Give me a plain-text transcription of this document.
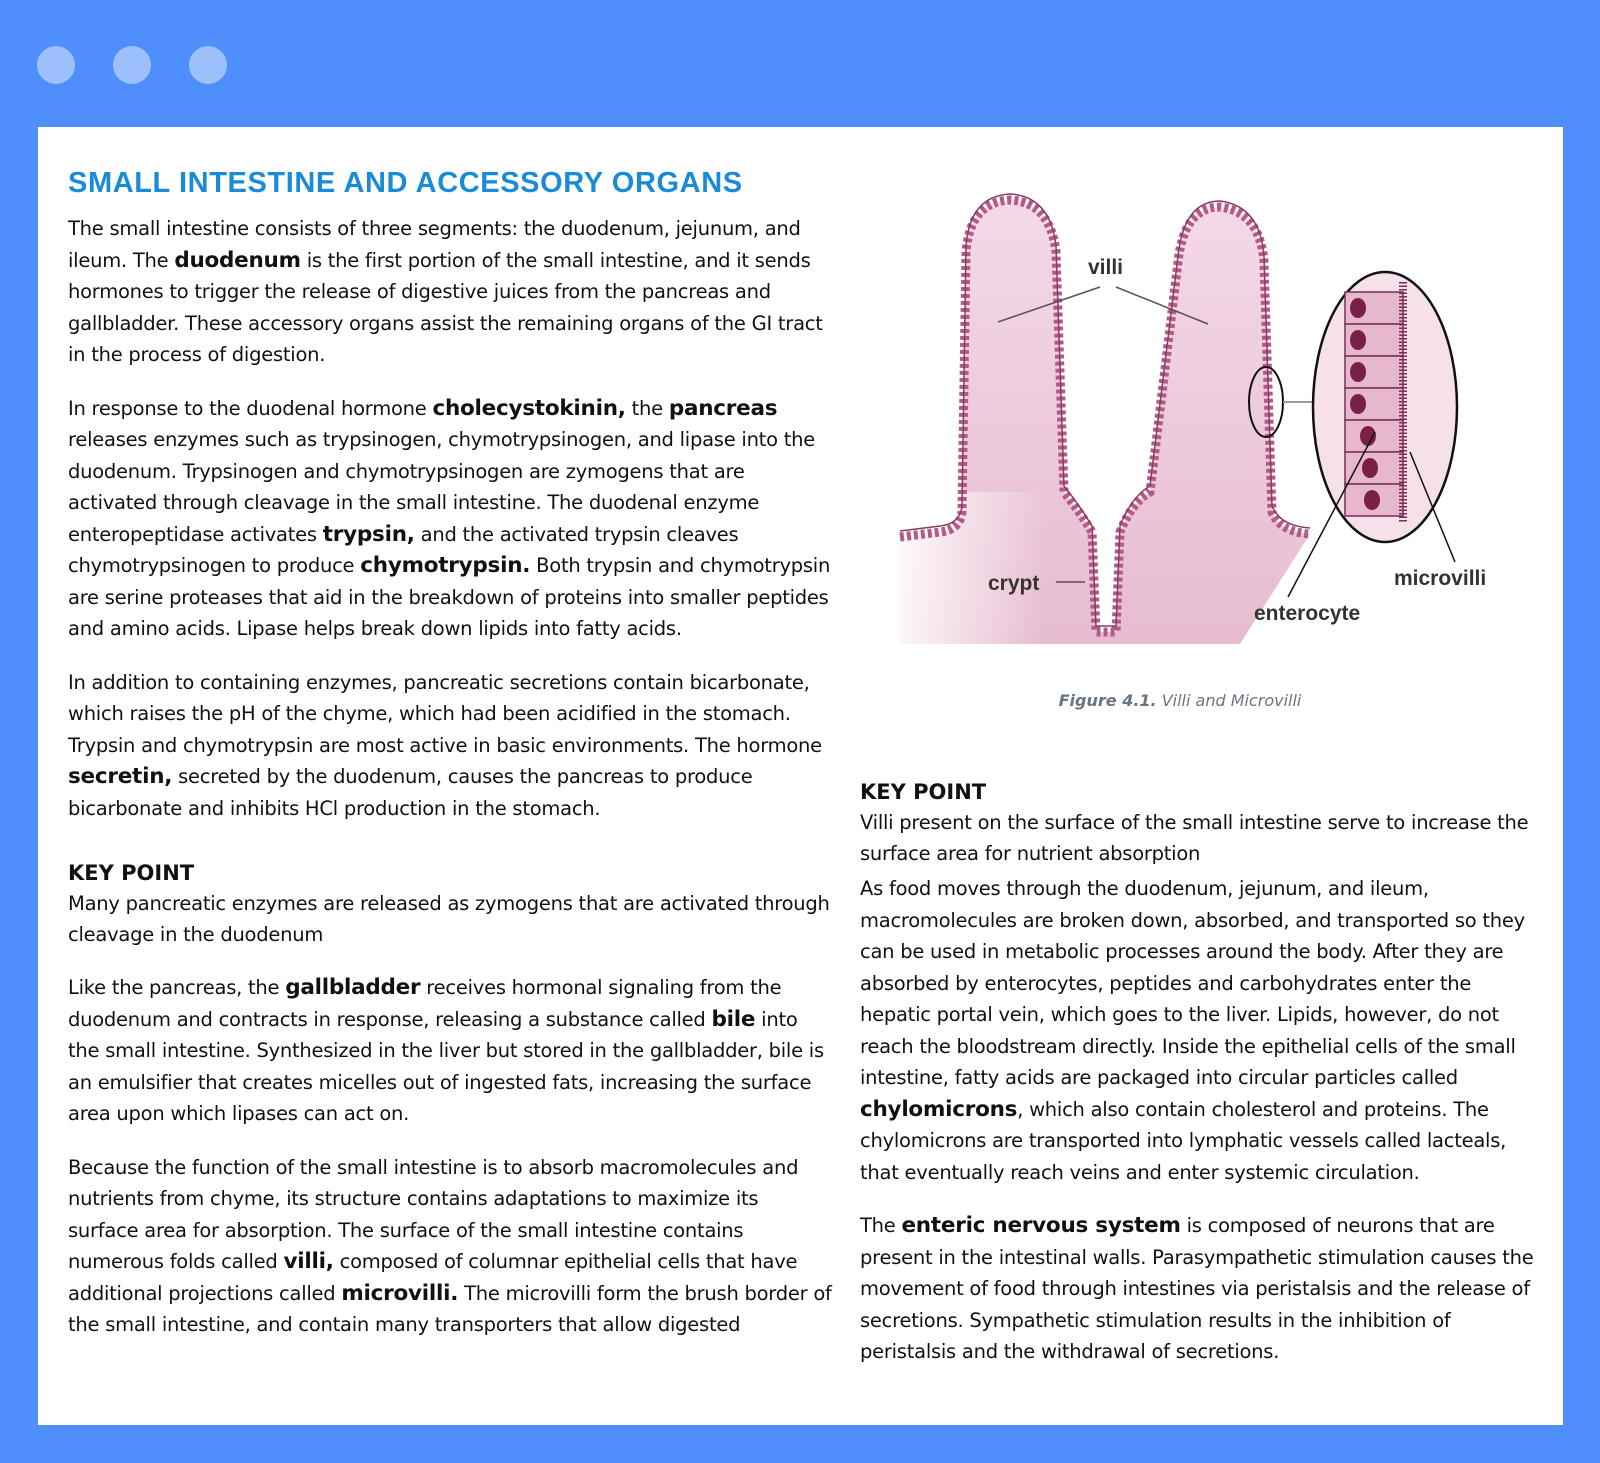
SMALL INTESTINE AND ACCESSORY ORGANS

The small intestine consists of three segments: the duodenum, jejunum, and ileum. The duodenum is the first portion of the small intestine, and it sends hormones to trigger the release of digestive juices from the pancreas and gallbladder. These accessory organs assist the remaining organs of the GI tract in the process of digestion.

In response to the duodenal hormone cholecystokinin, the pancreas releases enzymes such as trypsinogen, chymotrypsinogen, and lipase into the duodenum. Trypsinogen and chymotrypsinogen are zymogens that are activated through cleavage in the small intestine. The duodenal enzyme enteropeptidase activates trypsin, and the activated trypsin cleaves chymotrypsinogen to produce chymotrypsin. Both trypsin and chymotrypsin are serine proteases that aid in the breakdown of proteins into smaller peptides and amino acids. Lipase helps break down lipids into fatty acids.

In addition to containing enzymes, pancreatic secretions contain bicarbonate, which raises the pH of the chyme, which had been acidified in the stomach. Trypsin and chymotrypsin are most active in basic environments. The hormone secretin, secreted by the duodenum, causes the pancreas to produce bicarbonate and inhibits HCl production in the stomach.

KEY POINT

Many pancreatic enzymes are released as zymogens that are activated through cleavage in the duodenum

Like the pancreas, the gallbladder receives hormonal signaling from the duodenum and contracts in response, releasing a substance called bile into the small intestine. Synthesized in the liver but stored in the gallbladder, bile is an emulsifier that creates micelles out of ingested fats, increasing the surface area upon which lipases can act on.

Because the function of the small intestine is to absorb macromolecules and nutrients from chyme, its structure contains adaptations to maximize its surface area for absorption. The surface of the small intestine contains numerous folds called villi, composed of columnar epithelial cells that have additional projections called microvilli. The microvilli form the brush border of the small intestine, and contain many transporters that allow digested

villi
crypt
enterocyte
microvilli
Figure 4.1. Villi and Microvilli
KEY POINT

Villi present on the surface of the small intestine serve to increase the surface area for nutrient absorption

As food moves through the duodenum, jejunum, and ileum, macromolecules are broken down, absorbed, and transported so they can be used in metabolic processes around the body. After they are absorbed by enterocytes, peptides and carbohydrates enter the hepatic portal vein, which goes to the liver. Lipids, however, do not reach the bloodstream directly. Inside the epithelial cells of the small intestine, fatty acids are packaged into circular particles called chylomicrons, which also contain cholesterol and proteins. The chylomicrons are transported into lymphatic vessels called lacteals, that eventually reach veins and enter systemic circulation.

The enteric nervous system is composed of neurons that are present in the intestinal walls. Parasympathetic stimulation causes the movement of food through intestines via peristalsis and the release of secretions. Sympathetic stimulation results in the inhibition of peristalsis and the withdrawal of secretions.
